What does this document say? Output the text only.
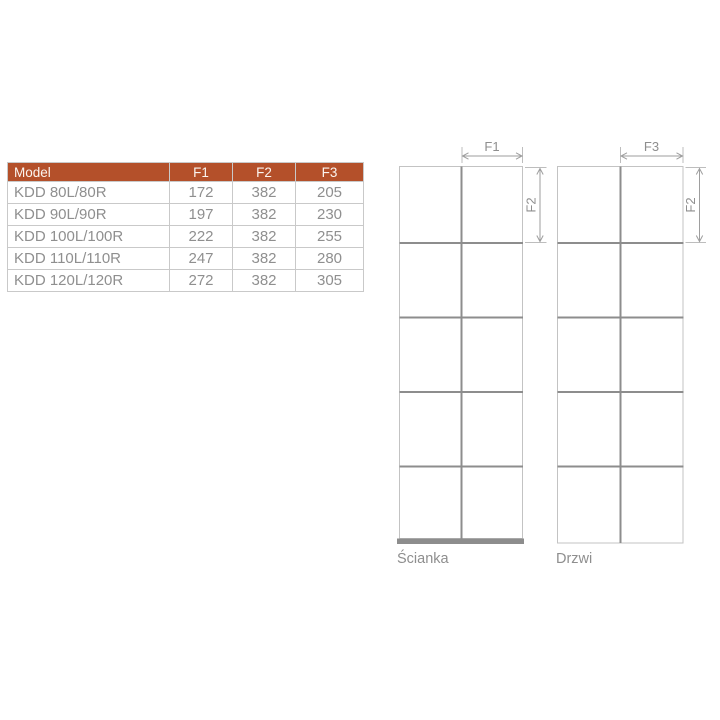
Model	F1	F2	F3
KDD 80L/80R	172	382	205
KDD 90L/90R	197	382	230
KDD 100L/100R	222	382	255
KDD 110L/110R	247	382	280
KDD 120L/120R	272	382	305
F1
F2
Ścianka
F3
F2
Drzwi
